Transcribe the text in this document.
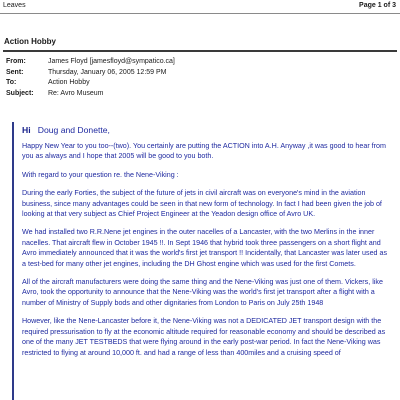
Leaves	Page 1 of 3
Action Hobby
From:	James Floyd [jamesfloyd@sympatico.ca]
Sent:	Thursday, January 06, 2005 12:59 PM
To:	Action Hobby
Subject: Re: Avro Museum
Hi Doug and Donette,

Happy New Year to you too--(two). You certainly are putting the ACTION into A.H. Anyway ,it was good to hear from you as always and I hope that 2005 will be good to you both.

With regard to your question re. the Nene-Viking :

During the early Forties, the subject of the future of jets in civil aircraft was on everyone's mind in the aviation business, since many advantages could be seen in that new form of technology. In fact I had been given the job of looking at that very subject as Chief Project Engineer at the Yeadon design office of Avro UK.

We had installed two R.R.Nene jet engines in the outer nacelles of a Lancaster, with the two Merlins in the inner nacelles. That aircraft flew in October 1945 !!. In Sept 1946 that hybrid took three passengers on a short flight and Avro immediately announced that it was the world's first jet transport !! Incidentally, that Lancaster was later used as a test-bed for many other jet engines, including the DH Ghost engine which was used for the first Comets.

All of the aircraft manufacturers were doing the same thing and the Nene-Viking was just one of them. Vickers, like Avro, took the opportunity to announce that the Nene-Viking was the world's first jet transport after a flight with a number of Ministry of Supply bods and other dignitaries from London to Paris on July 25th 1948

However, like the Nene-Lancaster before it, the Nene-Viking was not a DEDICATED JET transport design with the required pressurisation to fly at the economic altitude required for reasonable economy and should be described as one of the many JET TESTBEDS that were flying around in the early post-war period. In fact the Nene-Viking was restricted to flying at around 10,000 ft. and had a range of less than 400miles and a cruising speed of
